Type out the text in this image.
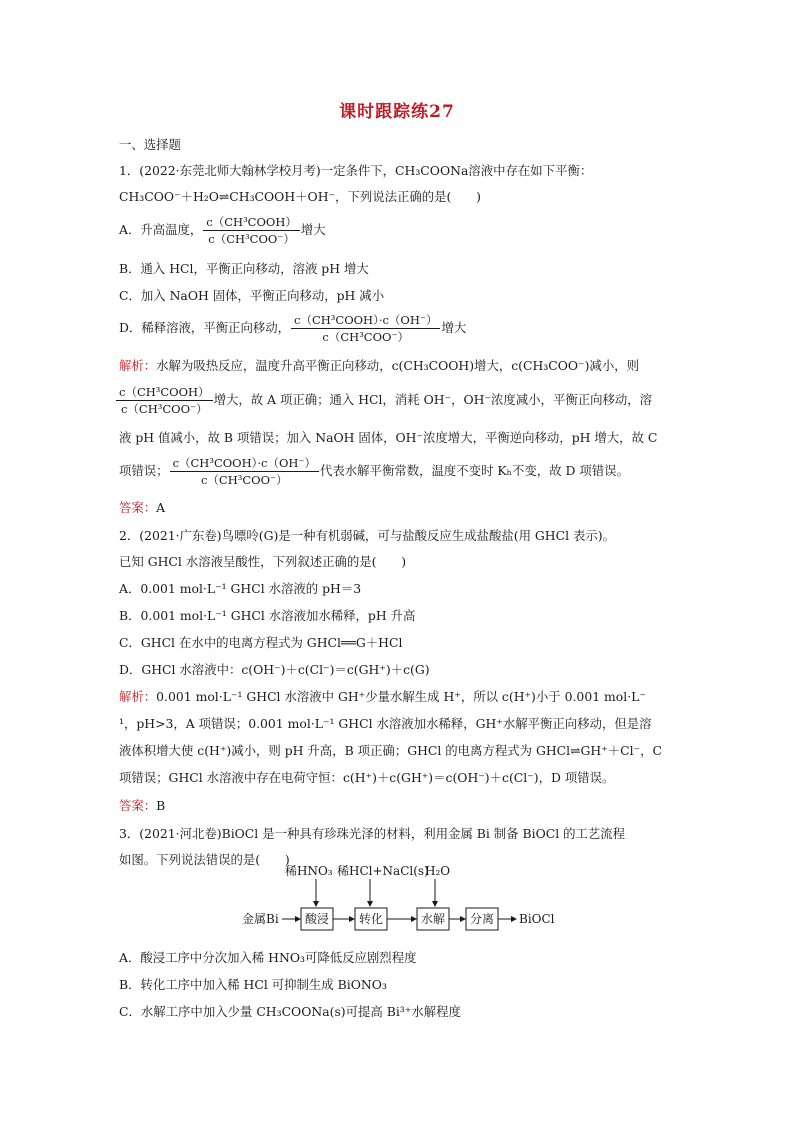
课时跟踪练27
一、选择题
1．(2022·东莞北师大翰林学校月考)一定条件下，CH₃COONa溶液中存在如下平衡：
CH₃COO⁻＋H₂O⇌CH₃COOH＋OH⁻，下列说法正确的是(　　)
A．升高温度， $\frac{\text{c（CH³COOH）}}{\text{c（CH³COO⁻）}}$ 增大
B．通入 HCl，平衡正向移动，溶液 pH 增大
C．加入 NaOH 固体，平衡正向移动，pH 减小
D．稀释溶液，平衡正向移动， $\frac{\text{c（CH³COOH）·c（OH⁻）}}{\text{c（CH³COO⁻）}}$ 增大
解析：水解为吸热反应，温度升高平衡正向移动，c(CH₃COOH)增大，c(CH₃COO⁻)减小，则
$\frac{\text{c（CH³COOH）}}{\text{c（CH³COO⁻）}}$ 增大，故 A 项正确；通入 HCl，消耗 OH⁻，OH⁻浓度减小，平衡正向移动，溶
液 pH 值减小，故 B 项错误；加入 NaOH 固体，OH⁻浓度增大，平衡逆向移动，pH 增大，故 C
项错误； $\frac{\text{c（CH³COOH）·c（OH⁻）}}{\text{c（CH³COO⁻）}}$ 代表水解平衡常数，温度不变时 Kₕ不变，故 D 项错误。
答案：A
2．(2021·广东卷)鸟嘌呤(G)是一种有机弱碱，可与盐酸反应生成盐酸盐(用 GHCl 表示)。
已知 GHCl 水溶液呈酸性，下列叙述正确的是(　　)
A．0.001 mol·L⁻¹ GHCl 水溶液的 pH＝3
B．0.001 mol·L⁻¹ GHCl 水溶液加水稀释，pH 升高
C．GHCl 在水中的电离方程式为 GHCl══G＋HCl
D．GHCl 水溶液中：c(OH⁻)＋c(Cl⁻)＝c(GH⁺)＋c(G)
解析：0.001 mol·L⁻¹ GHCl 水溶液中 GH⁺少量水解生成 H⁺，所以 c(H⁺)小于 0.001 mol·L⁻
¹，pH>3，A 项错误；0.001 mol·L⁻¹ GHCl 水溶液加水稀释，GH⁺水解平衡正向移动，但是溶
液体积增大使 c(H⁺)减小，则 pH 升高，B 项正确；GHCl 的电离方程式为 GHCl⇌GH⁺＋Cl⁻，C
项错误；GHCl 水溶液中存在电荷守恒：c(H⁺)＋c(GH⁺)＝c(OH⁻)＋c(Cl⁻)，D 项错误。
答案：B
3．(2021·河北卷)BiOCl 是一种具有珍珠光泽的材料，利用金属 Bi 制备 BiOCl 的工艺流程
如图。下列说法错误的是(　　)
稀HNO₃ 稀HCl+NaCl(s)
H₂O
金属Bi 酸浸 转化	水解 分离 BiOCl
A．酸浸工序中分次加入稀 HNO₃可降低反应剧烈程度
B．转化工序中加入稀 HCl 可抑制生成 BiONO₃
C．水解工序中加入少量 CH₃COONa(s)可提高 Bi³⁺水解程度
